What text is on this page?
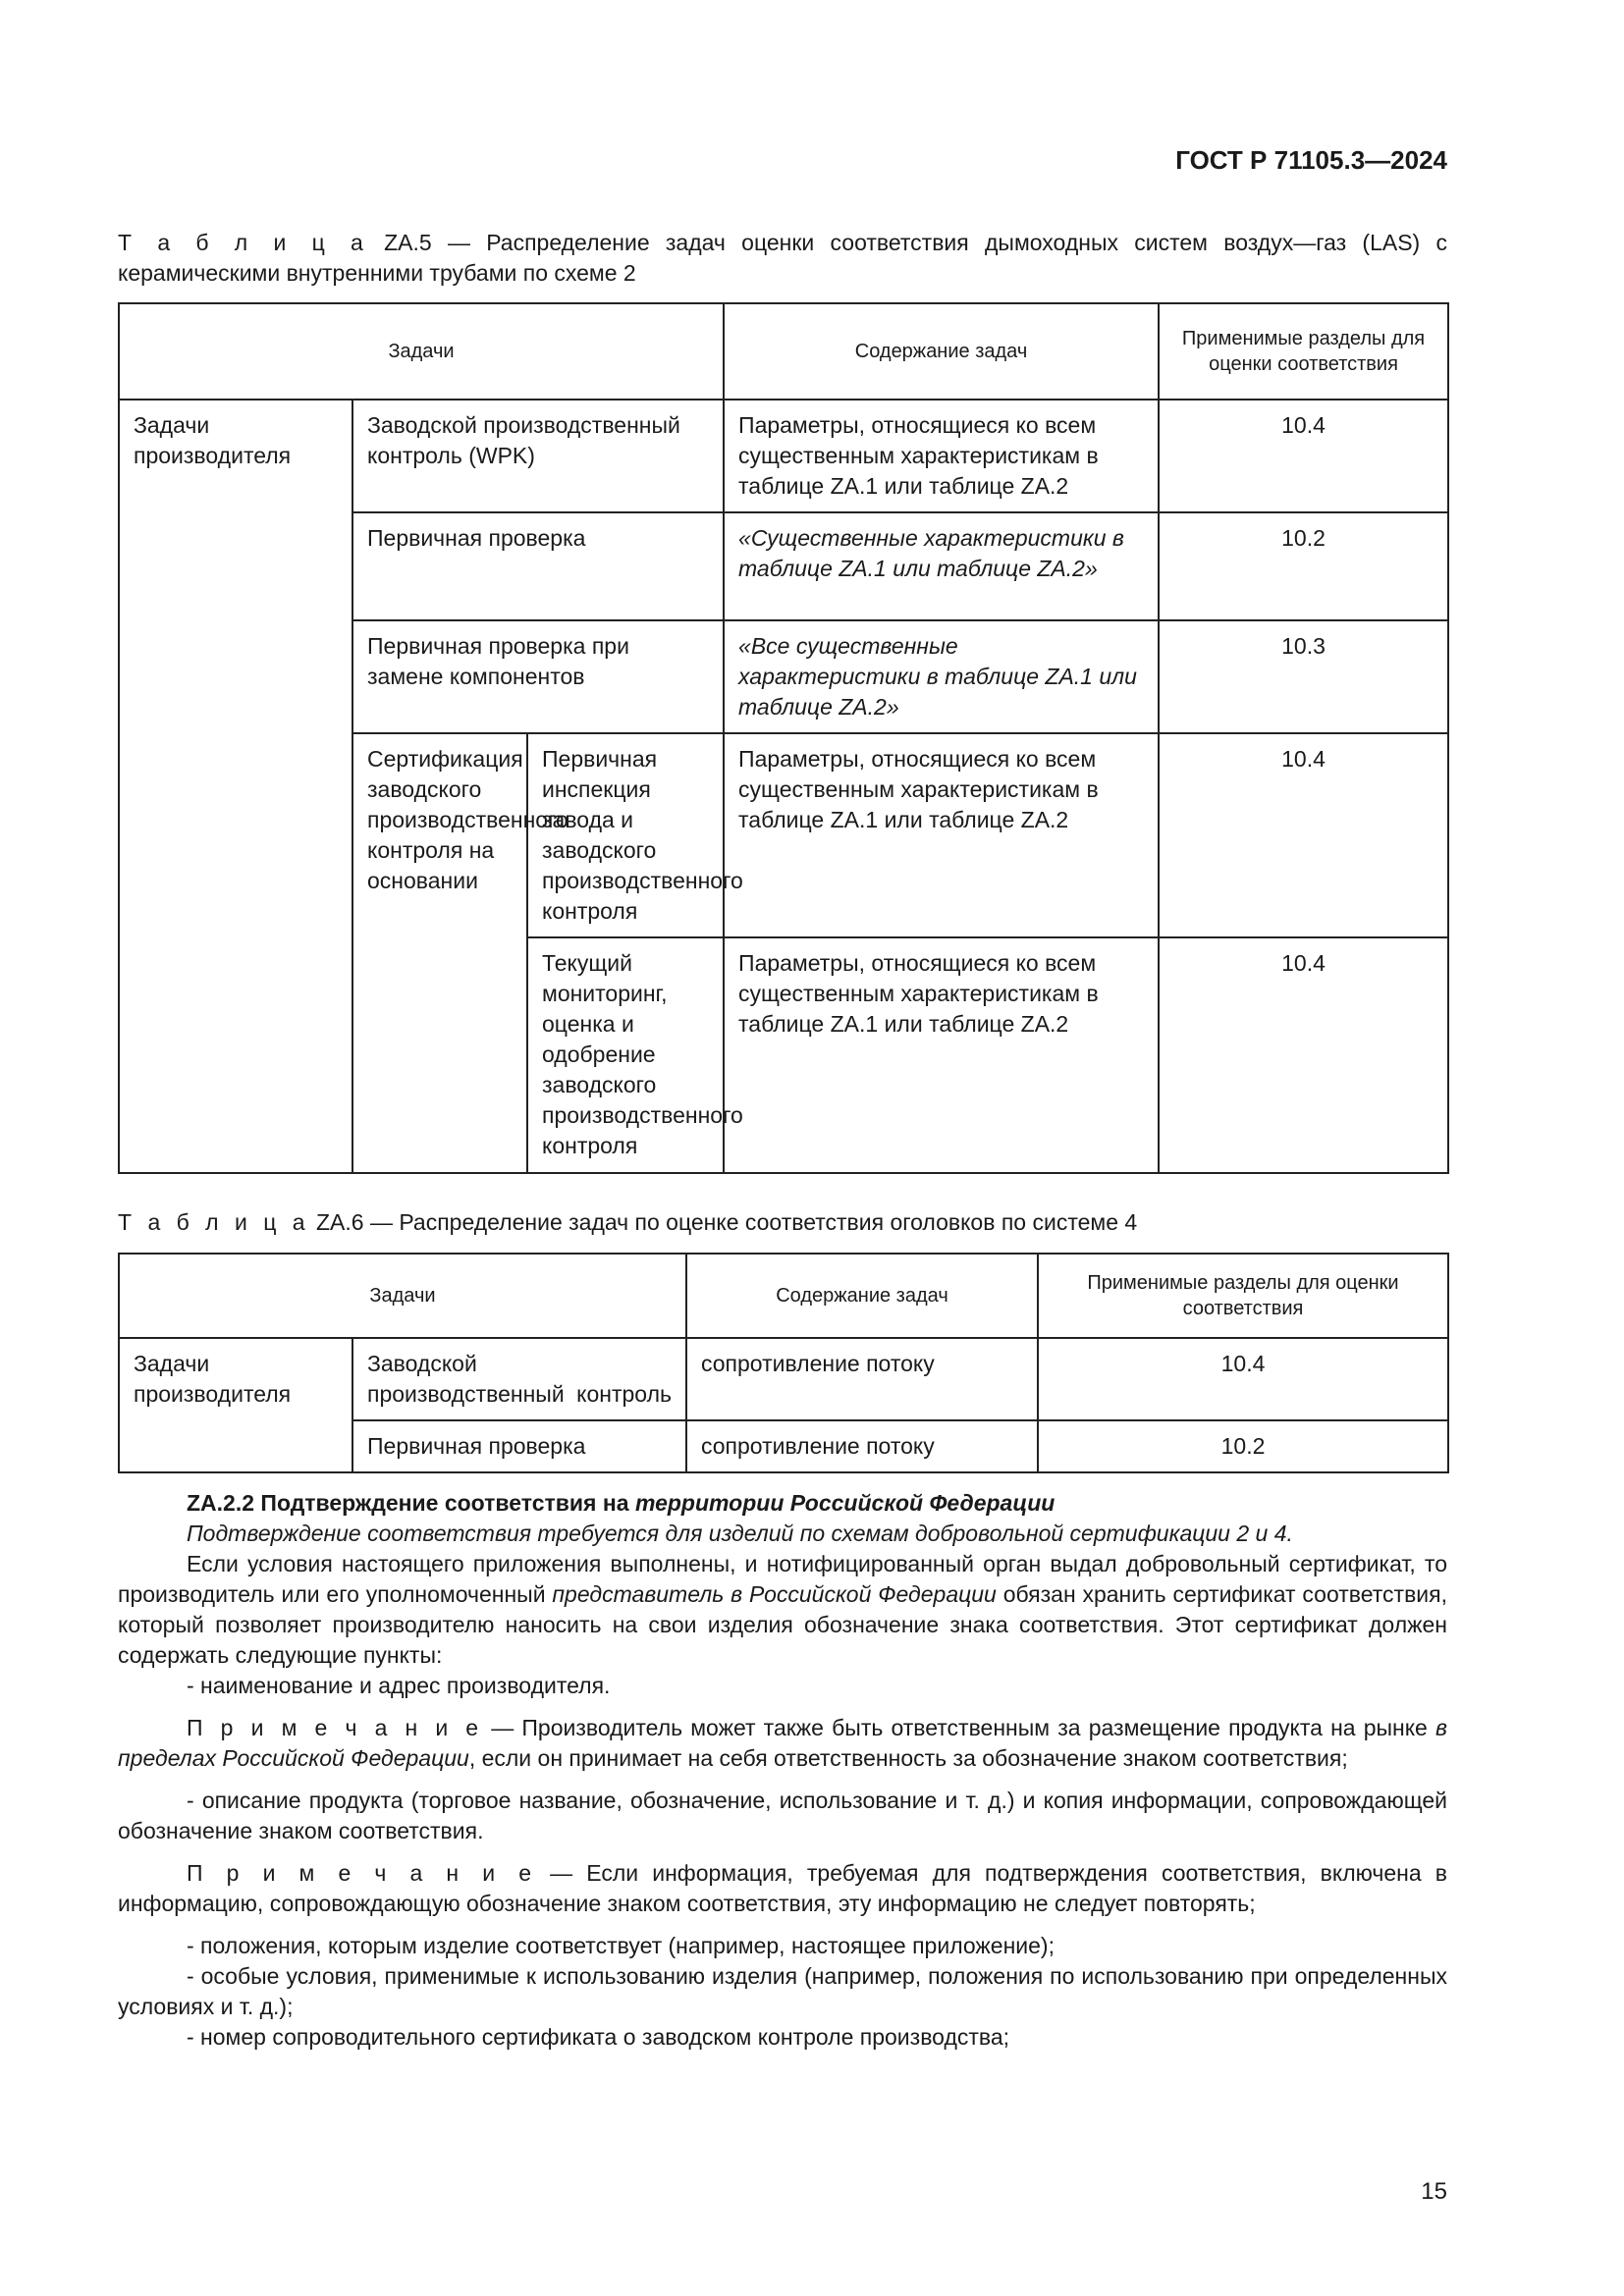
ГОСТ Р 71105.3—2024
Т а б л и ц а ZA.5 — Распределение задач оценки соответствия дымоходных систем воздух—газ (LAS) с керамическими внутренними трубами по схеме 2
Задачи			Содержание задач	Применимые разделы для оценки соответствия
Задачи производителя	Заводской производственный контроль (WPK)		Параметры, относящиеся ко всем существенным характеристикам в таблице ZA.1 или таблице ZA.2	10.4
	Первичная проверка		«Существенные характеристики в таблице ZA.1 или таблице ZA.2»	10.2
	Первичная проверка при замене компонентов		«Все существенные характеристики в таблице ZA.1 или таблице ZA.2»	10.3
	Сертификация заводского производственного контроля на основании	Первичная инспекция завода и заводского производственного контроля	Параметры, относящиеся ко всем существенным характеристикам в таблице ZA.1 или таблице ZA.2	10.4
		Текущий мониторинг, оценка и одобрение заводского производственного контроля	Параметры, относящиеся ко всем существенным характеристикам в таблице ZA.1 или таблице ZA.2	10.4
Т а б л и ц а ZA.6 — Распределение задач по оценке соответствия оголовков по системе 4
Задачи		Содержание задач	Применимые разделы для оценки соответствия
Задачи производителя	Заводской производственный контроль	сопротивление потоку	10.4
	Первичная проверка	сопротивление потоку	10.2

ZA.2.2 Подтверждение соответствия на территории Российской Федерации

Подтверждение соответствия требуется для изделий по схемам добровольной сертификации 2 и 4.

Если условия настоящего приложения выполнены, и нотифицированный орган выдал добровольный сертификат, то производитель или его уполномоченный представитель в Российской Федерации обязан хранить сертификат соответствия, который позволяет производителю наносить на свои изделия обозначение знака соответствия. Этот сертификат должен содержать следующие пункты:

- наименование и адрес производителя.

П р и м е ч а н и е — Производитель может также быть ответственным за размещение продукта на рынке в пределах Российской Федерации, если он принимает на себя ответственность за обозначение знаком соответствия;

- описание продукта (торговое название, обозначение, использование и т. д.) и копия информации, сопровождающей обозначение знаком соответствия.

П р и м е ч а н и е — Если информация, требуемая для подтверждения соответствия, включена в информацию, сопровождающую обозначение знаком соответствия, эту информацию не следует повторять;

- положения, которым изделие соответствует (например, настоящее приложение);

- особые условия, применимые к использованию изделия (например, положения по использованию при определенных условиях и т. д.);

- номер сопроводительного сертификата о заводском контроле производства;

15
